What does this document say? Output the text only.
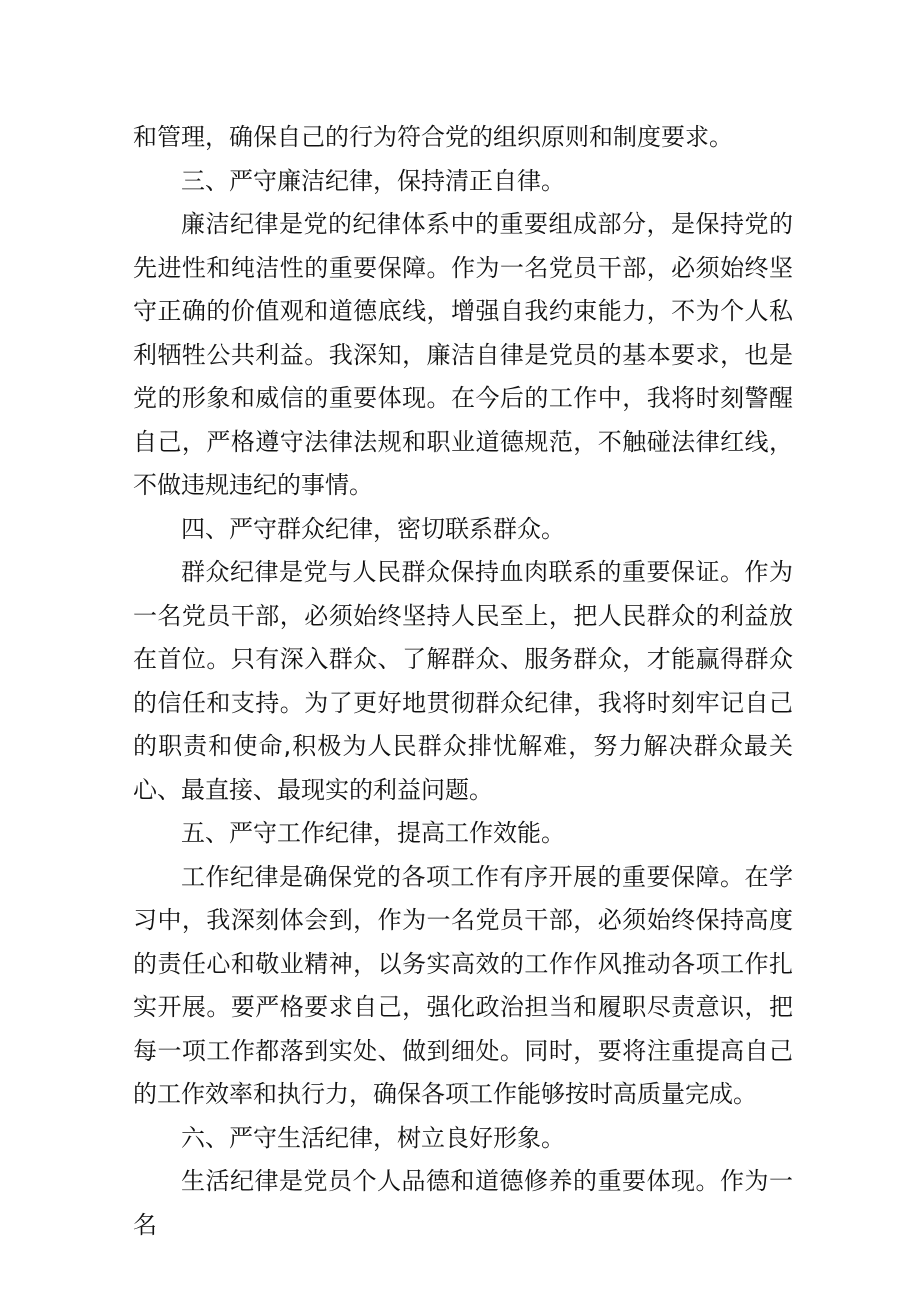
和管理，确保自己的行为符合党的组织原则和制度要求。

三、严守廉洁纪律，保持清正自律。

廉洁纪律是党的纪律体系中的重要组成部分，是保持党的先进性和纯洁性的重要保障。作为一名党员干部，必须始终坚守正确的价值观和道德底线，增强自我约束能力，不为个人私利牺牲公共利益。我深知，廉洁自律是党员的基本要求，也是党的形象和威信的重要体现。在今后的工作中，我将时刻警醒自己，严格遵守法律法规和职业道德规范，不触碰法律红线，不做违规违纪的事情。

四、严守群众纪律，密切联系群众。

群众纪律是党与人民群众保持血肉联系的重要保证。作为一名党员干部，必须始终坚持人民至上，把人民群众的利益放在首位。只有深入群众、了解群众、服务群众，才能赢得群众的信任和支持。为了更好地贯彻群众纪律，我将时刻牢记自己的职责和使命,积极为人民群众排忧解难，努力解决群众最关心、最直接、最现实的利益问题。

五、严守工作纪律，提高工作效能。

工作纪律是确保党的各项工作有序开展的重要保障。在学习中，我深刻体会到，作为一名党员干部，必须始终保持高度的责任心和敬业精神，以务实高效的工作作风推动各项工作扎实开展。要严格要求自己，强化政治担当和履职尽责意识，把每一项工作都落到实处、做到细处。同时，要将注重提高自己的工作效率和执行力，确保各项工作能够按时高质量完成。

六、严守生活纪律，树立良好形象。

生活纪律是党员个人品德和道德修养的重要体现。作为一名
